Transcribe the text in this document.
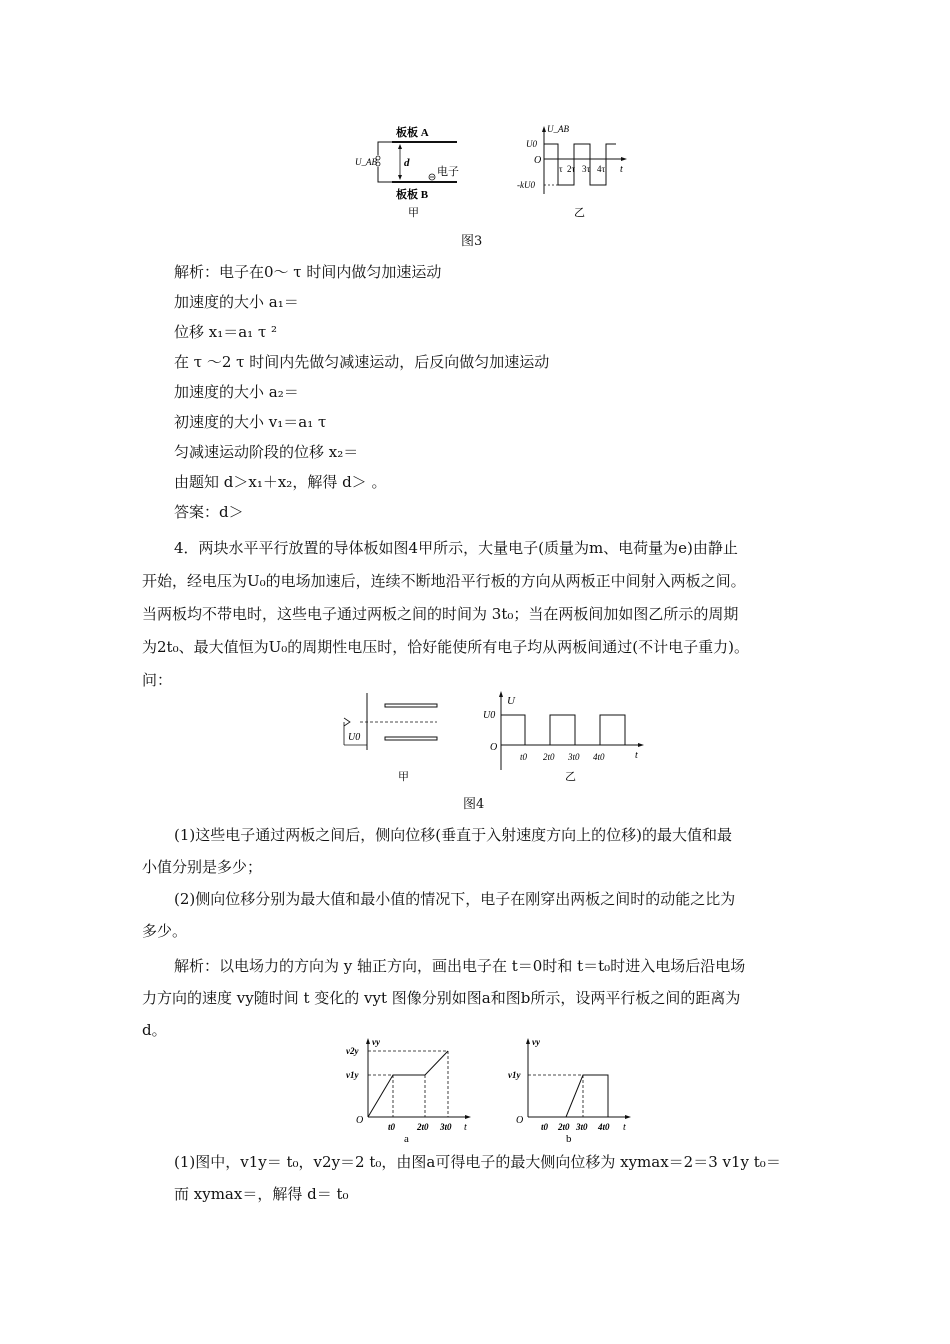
板板 A
板板 B
U_AB d
电子
甲
U_AB
U0
O
-kU0
τ 2τ 3τ 4τ t
乙
图3
解析：电子在0～ τ 时间内做匀加速运动
加速度的大小 a₁＝
位移 x₁＝a₁ τ ²
在 τ ～2 τ 时间内先做匀减速运动，后反向做匀加速运动
加速度的大小 a₂＝
初速度的大小 v₁＝a₁ τ
匀减速运动阶段的位移 x₂＝
由题知 d＞x₁＋x₂，解得 d＞ 。
答案：d＞
4．两块水平平行放置的导体板如图4甲所示，大量电子(质量为m、电荷量为e)由静止
开始，经电压为U₀的电场加速后，连续不断地沿平行板的方向从两板正中间射入两板之间。
当两板均不带电时，这些电子通过两板之间的时间为 3t₀；当在两板间加如图乙所示的周期
为2t₀、最大值恒为U₀的周期性电压时，恰好能使所有电子均从两板间通过(不计电子重力)。
问：
U0
甲
U
U0
O
t0 2t0 3t0 4t0	t
乙
图4
(1)这些电子通过两板之间后，侧向位移(垂直于入射速度方向上的位移)的最大值和最
小值分别是多少；
(2)侧向位移分别为最大值和最小值的情况下，电子在刚穿出两板之间时的动能之比为
多少。
解析：以电场力的方向为 y 轴正方向，画出电子在 t＝0时和 t＝t₀时进入电场后沿电场
力方向的速度 vy随时间 t 变化的 vyt 图像分别如图a和图b所示，设两平行板之间的距离为
d。
vy
v2y
v1y
O
t0 2t0 3t0 t
a
vy
v1y
O
t0 2t0 3t0 4t0 t
b
(1)图中，v1y＝ t₀，v2y＝2 t₀，由图a可得电子的最大侧向位移为 xymax＝2＝3 v1y t₀＝
而 xymax＝，解得 d＝ t₀
